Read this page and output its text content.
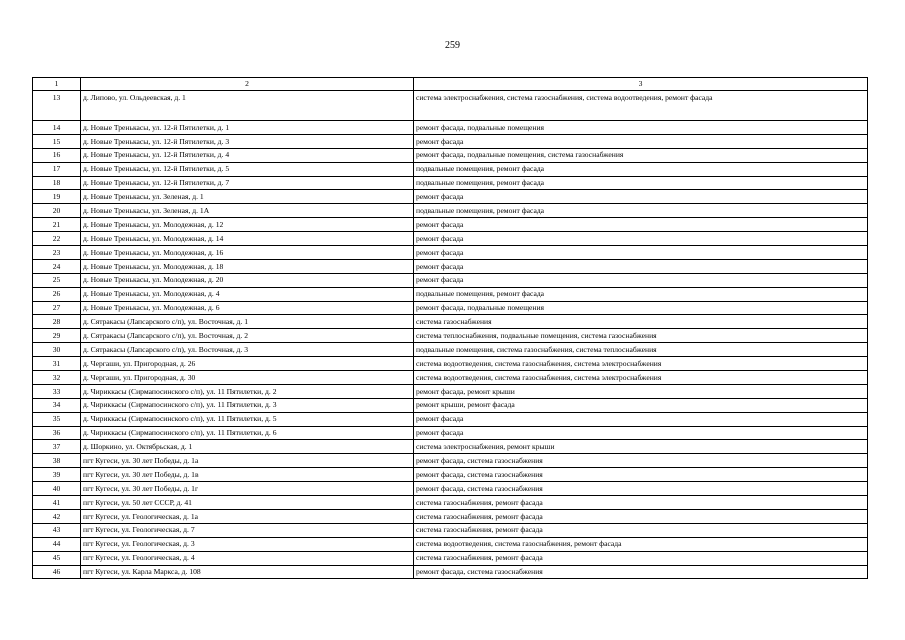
259
1	2	3
13	д. Липово, ул. Ольдеевская, д. 1	система электроснабжения, система газоснабжения, система водоотведения, ремонт фасада
14	д. Новые Тренькасы, ул. 12-й Пятилетки, д. 1	ремонт фасада, подвальные помещения
15	д. Новые Тренькасы, ул. 12-й Пятилетки, д. 3	ремонт фасада
16	д. Новые Тренькасы, ул. 12-й Пятилетки, д. 4	ремонт фасада, подвальные помещения, система газоснабжения
17	д. Новые Тренькасы, ул. 12-й Пятилетки, д. 5	подвальные помещения, ремонт фасада
18	д. Новые Тренькасы, ул. 12-й Пятилетки, д. 7	подвальные помещения, ремонт фасада
19	д. Новые Тренькасы, ул. Зеленая, д. 1	ремонт фасада
20	д. Новые Тренькасы, ул. Зеленая, д. 1А	подвальные помещения, ремонт фасада
21	д. Новые Тренькасы, ул. Молодежная, д. 12	ремонт фасада
22	д. Новые Тренькасы, ул. Молодежная, д. 14	ремонт фасада
23	д. Новые Тренькасы, ул. Молодежная, д. 16	ремонт фасада
24	д. Новые Тренькасы, ул. Молодежная, д. 18	ремонт фасада
25	д. Новые Тренькасы, ул. Молодежная, д. 20	ремонт фасада
26	д. Новые Тренькасы, ул. Молодежная, д. 4	подвальные помещения, ремонт фасада
27	д. Новые Тренькасы, ул. Молодежная, д. 6	ремонт фасада, подвальные помещения
28	д. Сятракасы (Лапсарского с/п), ул. Восточная, д. 1	система газоснабжения
29	д. Сятракасы (Лапсарского с/п), ул. Восточная, д. 2	система теплоснабжения, подвальные помещения, система газоснабжения
30	д. Сятракасы (Лапсарского с/п), ул. Восточная, д. 3	подвальные помещения, система газоснабжения, система теплоснабжения
31	д. Чергаши, ул. Пригородная, д. 26	система водоотведения, система газоснабжения, система электроснабжения
32	д. Чергаши, ул. Пригородная, д. 30	система водоотведения, система газоснабжения, система электроснабжения
33	д. Чириккасы (Сирмапосинского с/п), ул. 11 Пятилетки, д. 2	ремонт фасада, ремонт крыши
34	д. Чириккасы (Сирмапосинского с/п), ул. 11 Пятилетки, д. 3	ремонт крыши, ремонт фасада
35	д. Чириккасы (Сирмапосинского с/п), ул. 11 Пятилетки, д. 5	ремонт фасада
36	д. Чириккасы (Сирмапосинского с/п), ул. 11 Пятилетки, д. 6	ремонт фасада
37	д. Шоркино, ул. Октябрьская, д. 1	система электроснабжения, ремонт крыши
38	пгт Кугеси, ул. 30 лет Победы, д. 1а	ремонт фасада, система газоснабжения
39	пгт Кугеси, ул. 30 лет Победы, д. 1в	ремонт фасада, система газоснабжения
40	пгт Кугеси, ул. 30 лет Победы, д. 1г	ремонт фасада, система газоснабжения
41	пгт Кугеси, ул. 50 лет СССР, д. 41	система газоснабжения, ремонт фасада
42	пгт Кугеси, ул. Геологическая, д. 1а	система газоснабжения, ремонт фасада
43	пгт Кугеси, ул. Геологическая, д. 7	система газоснабжения, ремонт фасада
44	пгт Кугеси, ул. Геологическая, д. 3	система водоотведения, система газоснабжения, ремонт фасада
45	пгт Кугеси, ул. Геологическая, д. 4	система газоснабжения, ремонт фасада
46	пгт Кугеси, ул. Карла Маркса, д. 108	ремонт фасада, система газоснабжения
